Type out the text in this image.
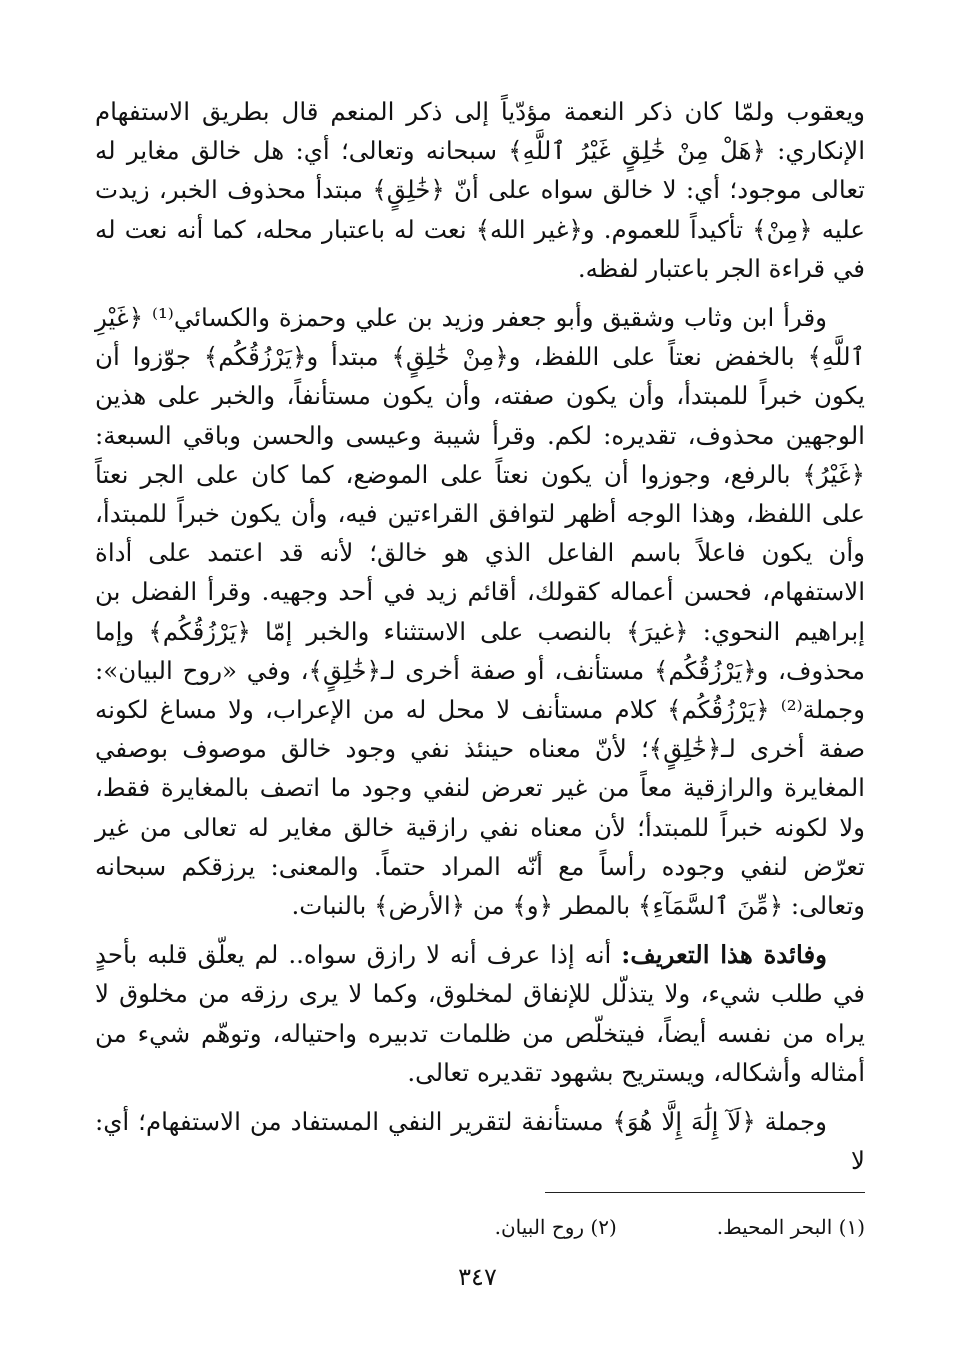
ويعقوب ولمّا كان ذكر النعمة مؤدّياً إلى ذكر المنعم قال بطريق الاستفهام الإنكاري: ﴿هَلْ مِنْ خَٰلِقٍ غَيْرُ ٱللَّهِ﴾ سبحانه وتعالى؛ أي: هل خالق مغاير له تعالى موجود؛ أي: لا خالق سواه على أنّ ﴿خَٰلِقٍ﴾ مبتدأ محذوف الخبر، زيدت عليه ﴿مِنْ﴾ تأكيداً للعموم. و﴿غير الله﴾ نعت له باعتبار محله، كما أنه نعت له في قراءة الجر باعتبار لفظه.

وقرأ ابن وثاب وشقيق وأبو جعفر وزيد بن علي وحمزة والكسائي⁽¹⁾ ﴿غَيْرِ ٱللَّهِ﴾ بالخفض نعتاً على اللفظ، و﴿مِنْ خَٰلِقٍ﴾ مبتدأ و﴿يَرْزُقُكُم﴾ جوّزوا أن يكون خبراً للمبتدأ، وأن يكون صفته، وأن يكون مستأنفاً، والخبر على هذين الوجهين محذوف، تقديره: لكم. وقرأ شيبة وعيسى والحسن وباقي السبعة: ﴿غَيْرُ﴾ بالرفع، وجوزوا أن يكون نعتاً على الموضع، كما كان على الجر نعتاً على اللفظ، وهذا الوجه أظهر لتوافق القراءتين فيه، وأن يكون خبراً للمبتدأ، وأن يكون فاعلاً باسم الفاعل الذي هو خالق؛ لأنه قد اعتمد على أداة الاستفهام، فحسن أعماله كقولك، أقائم زيد في أحد وجهيه. وقرأ الفضل بن إبراهيم النحوي: ﴿غيرَ﴾ بالنصب على الاستثناء والخبر إمّا ﴿يَرْزُقُكُم﴾ وإما محذوف، و﴿يَرْزُقُكُم﴾ مستأنف، أو صفة أخرى لـ﴿خَٰلِقٍ﴾، وفي «روح البيان»: وجملة⁽²⁾ ﴿يَرْزُقُكُم﴾ كلام مستأنف لا محل له من الإعراب، ولا مساغ لكونه صفة أخرى لـ﴿خَٰلِقٍ﴾؛ لأنّ معناه حينئذ نفي وجود خالق موصوف بوصفي المغايرة والرازقية معاً من غير تعرض لنفي وجود ما اتصف بالمغايرة فقط، ولا لكونه خبراً للمبتدأ؛ لأن معناه نفي رازقية خالق مغاير له تعالى من غير تعرّض لنفي وجوده رأساً مع أنّه المراد حتماً. والمعنى: يرزقكم سبحانه وتعالى: ﴿مِّنَ ٱلسَّمَآءِ﴾ بالمطر ﴿و﴾ من ﴿الأرض﴾ بالنبات.

وفائدة هذا التعريف: أنه إذا عرف أنه لا رازق سواه.. لم يعلّق قلبه بأحدٍ في طلب شيء، ولا يتذلّل للإنفاق لمخلوق، وكما لا يرى رزقه من مخلوق لا يراه من نفسه أيضاً، فيتخلّص من ظلمات تدبيره واحتياله، وتوهّم شيء من أمثاله وأشكاله، ويستريح بشهود تقديره تعالى.

وجملة ﴿لَآ إِلَٰهَ إِلَّا هُوَ﴾ مستأنفة لتقرير النفي المستفاد من الاستفهام؛ أي: لا

(١) البحر المحيط.
(٢) روح البيان.
٣٤٧
